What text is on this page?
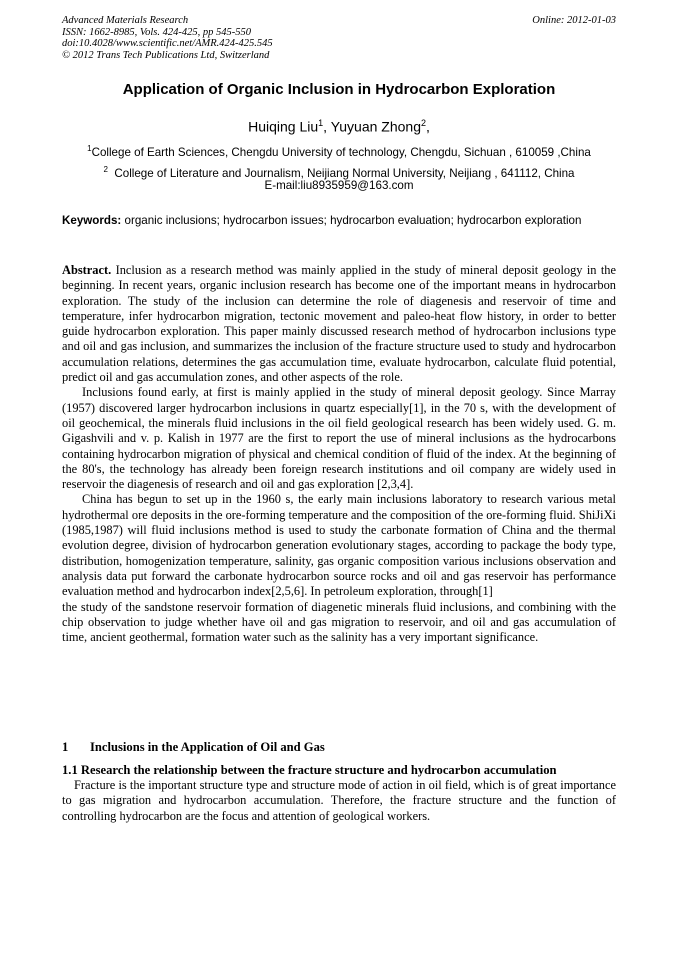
Advanced Materials Research
ISSN: 1662-8985, Vols. 424-425, pp 545-550
doi:10.4028/www.scientific.net/AMR.424-425.545
© 2012 Trans Tech Publications Ltd, Switzerland
Online: 2012-01-03
Application of Organic Inclusion in Hydrocarbon Exploration
Huiqing Liu$^1$, Yuyuan Zhong$^2$,
$^1$College of Earth Sciences, Chengdu University of technology, Chengdu, Sichuan , 610059 ,China
$^2$ College of Literature and Journalism, Neijiang Normal University, Neijiang , 641112, China
E-mail:liu8935959@163.com
Keywords: organic inclusions; hydrocarbon issues; hydrocarbon evaluation; hydrocarbon exploration

Abstract. Inclusion as a research method was mainly applied in the study of mineral deposit geology in the beginning. In recent years, organic inclusion research has become one of the important means in hydrocarbon exploration. The study of the inclusion can determine the role of diagenesis and reservoir of time and temperature, infer hydrocarbon migration, tectonic movement and paleo-heat flow history, in order to better guide hydrocarbon exploration. This paper mainly discussed research method of hydrocarbon inclusions type and oil and gas inclusion, and summarizes the inclusion of the fracture structure used to study and hydrocarbon accumulation relations, determines the gas accumulation time, evaluate hydrocarbon, calculate fluid potential, predict oil and gas accumulation zones, and other aspects of the role.

Inclusions found early, at first is mainly applied in the study of mineral deposit geology. Since Marray (1957) discovered larger hydrocarbon inclusions in quartz especially[1], in the 70 s, with the development of oil geochemical, the minerals fluid inclusions in the oil field geological research has been widely used. G. m. Gigashvili and v. p. Kalish in 1977 are the first to report the use of mineral inclusions as the hydrocarbons containing hydrocarbon migration of physical and chemical condition of fluid of the index. At the beginning of the 80's, the technology has already been foreign research institutions and oil company are widely used in reservoir the diagenesis of research and oil and gas exploration [2,3,4].

China has begun to set up in the 1960 s, the early main inclusions laboratory to research various metal hydrothermal ore deposits in the ore-forming temperature and the composition of the ore-forming fluid. ShiJiXi (1985,1987) will fluid inclusions method is used to study the carbonate formation of China and the thermal evolution degree, division of hydrocarbon generation evolutionary stages, according to package the body type, distribution, homogenization temperature, salinity, gas organic composition various inclusions observation and analysis data put forward the carbonate hydrocarbon source rocks and oil and gas reservoir has performance evaluation method and hydrocarbon index[2,5,6]. In petroleum exploration, through[1]

the study of the sandstone reservoir formation of diagenetic minerals fluid inclusions, and combining with the chip observation to judge whether have oil and gas migration to reservoir, and oil and gas accumulation of time, ancient geothermal, formation water such as the salinity has a very important significance.

1 Inclusions in the Application of Oil and Gas
1.1 Research the relationship between the fracture structure and hydrocarbon accumulation

Fracture is the important structure type and structure mode of action in oil field, which is of great importance to gas migration and hydrocarbon accumulation. Therefore, the fracture structure and the function of controlling hydrocarbon are the focus and attention of geological workers.
